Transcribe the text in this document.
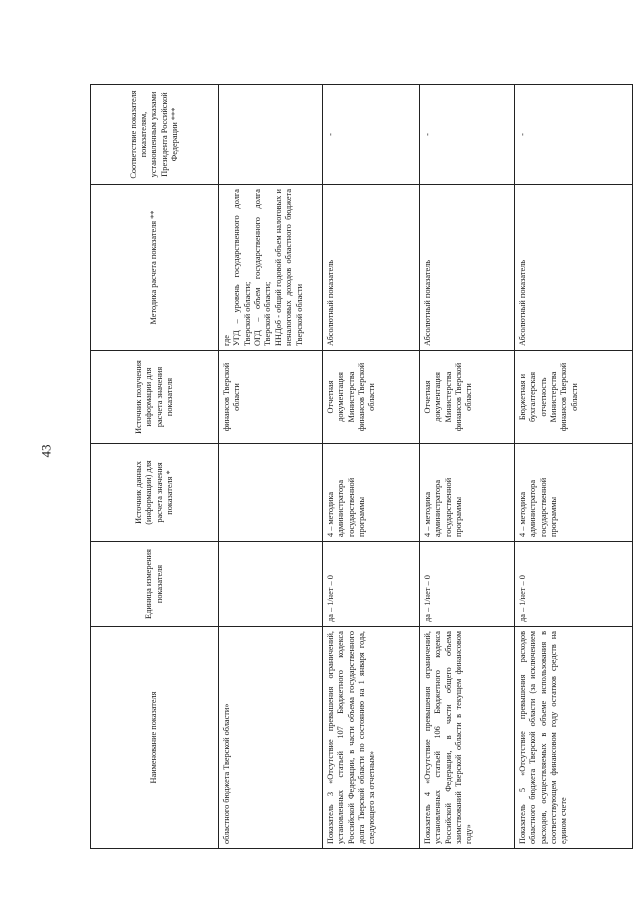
43
Наименование показателя	Единица измерения показателя	Источник данных (информации) для расчета значения показателя *	Источник получения информации для расчета значения показателя	Методика расчета показателя **	Соответствие показателя показателям, установленным указами Президента Российской Федерации ***
областного бюджета Тверской области»			финансов Тверской области	где УГД – уровень государственного долга Тверской области; ОГД – объем государственного долга Тверской области; ННДоб - общий годовой объем налоговых и неналоговых доходов областного бюджета Тверской области	

Показатель 3 «Отсутствие превышения ограничений, установленных статьей 107 Бюджетного кодекса Российской Федерации, в части объема государственного долга Тверской области по состоянию на 1 января года, следующего за отчетным»	да – 1/нет – 0	4 – методика администратора государственной программы	Отчетная документация Министерства финансов Тверской области	Абсолютный показатель	-
Показатель 4 «Отсутствие превышения ограничений, установленных статьей 106 Бюджетного кодекса Российской Федерации, в части общего объема заимствований Тверской области в текущем финансовом году»	да – 1/нет – 0	4 – методика администратора государственной программы	Отчетная документация Министерства финансов Тверской области	Абсолютный показатель	-
Показатель 5 «Отсутствие превышения расходов областного бюджета Тверской области (за исключением расходов, осуществляемых в объеме использования в соответствующем финансовом году остатков средств на едином счете	да – 1/нет – 0	4 – методика администратора государственной программы	Бюджетная и бухгалтерская отчетность Министерства финансов Тверской области	Абсолютный показатель	-
